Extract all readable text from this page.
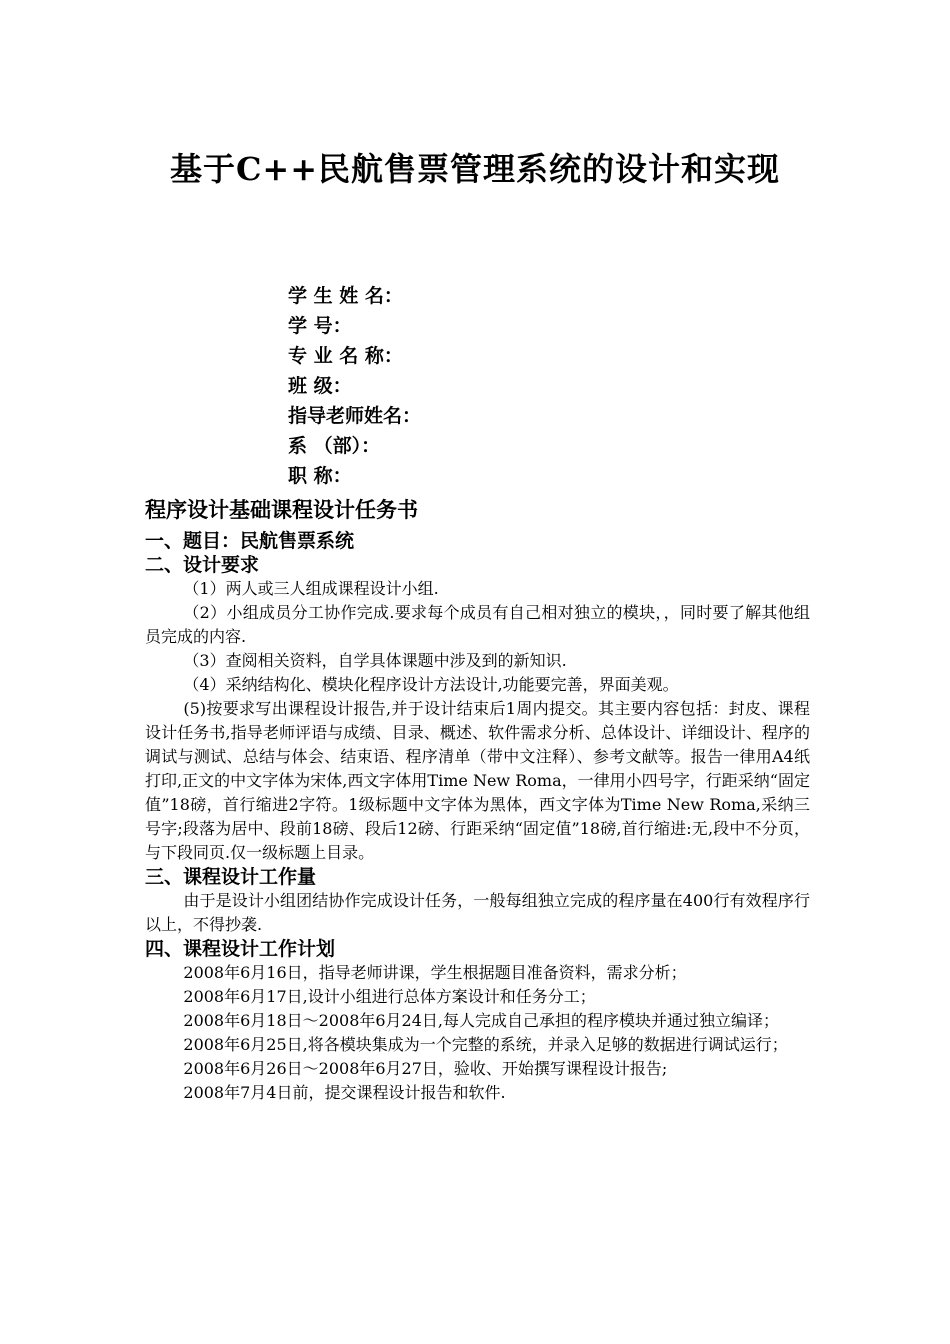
基于C++民航售票管理系统的设计和实现
学 生 姓 名：
学 号：
专 业 名 称：
班 级：
指导老师姓名：
系 （部）：
职 称：
程序设计基础课程设计任务书
一、题目：民航售票系统
二、设计要求

（1）两人或三人组成课程设计小组.

（2）小组成员分工协作完成.要求每个成员有自己相对独立的模块，，同时要了解其他组员完成的内容.

（3）查阅相关资料，自学具体课题中涉及到的新知识.

（4）采纳结构化、模块化程序设计方法设计,功能要完善，界面美观。

(5)按要求写出课程设计报告,并于设计结束后1周内提交。其主要内容包括：封皮、课程设计任务书,指导老师评语与成绩、目录、概述、软件需求分析、总体设计、详细设计、程序的调试与测试、总结与体会、结束语、程序清单（带中文注释）、参考文献等。报告一律用A4纸打印,正文的中文字体为宋体,西文字体用Time New Roma，一律用小四号字，行距采纳“固定值”18磅，首行缩进2字符。1级标题中文字体为黑体，西文字体为Time New Roma,采纳三号字;段落为居中、段前18磅、段后12磅、行距采纳“固定值”18磅,首行缩进:无,段中不分页，与下段同页.仅一级标题上目录。

三、课程设计工作量

由于是设计小组团结协作完成设计任务，一般每组独立完成的程序量在400行有效程序行以上，不得抄袭.

四、课程设计工作计划

2008年6月16日，指导老师讲课，学生根据题目准备资料，需求分析；

2008年6月17日,设计小组进行总体方案设计和任务分工；

2008年6月18日～2008年6月24日,每人完成自己承担的程序模块并通过独立编译；

2008年6月25日,将各模块集成为一个完整的系统，并录入足够的数据进行调试运行；

2008年6月26日～2008年6月27日，验收、开始撰写课程设计报告;

2008年7月4日前，提交课程设计报告和软件.
